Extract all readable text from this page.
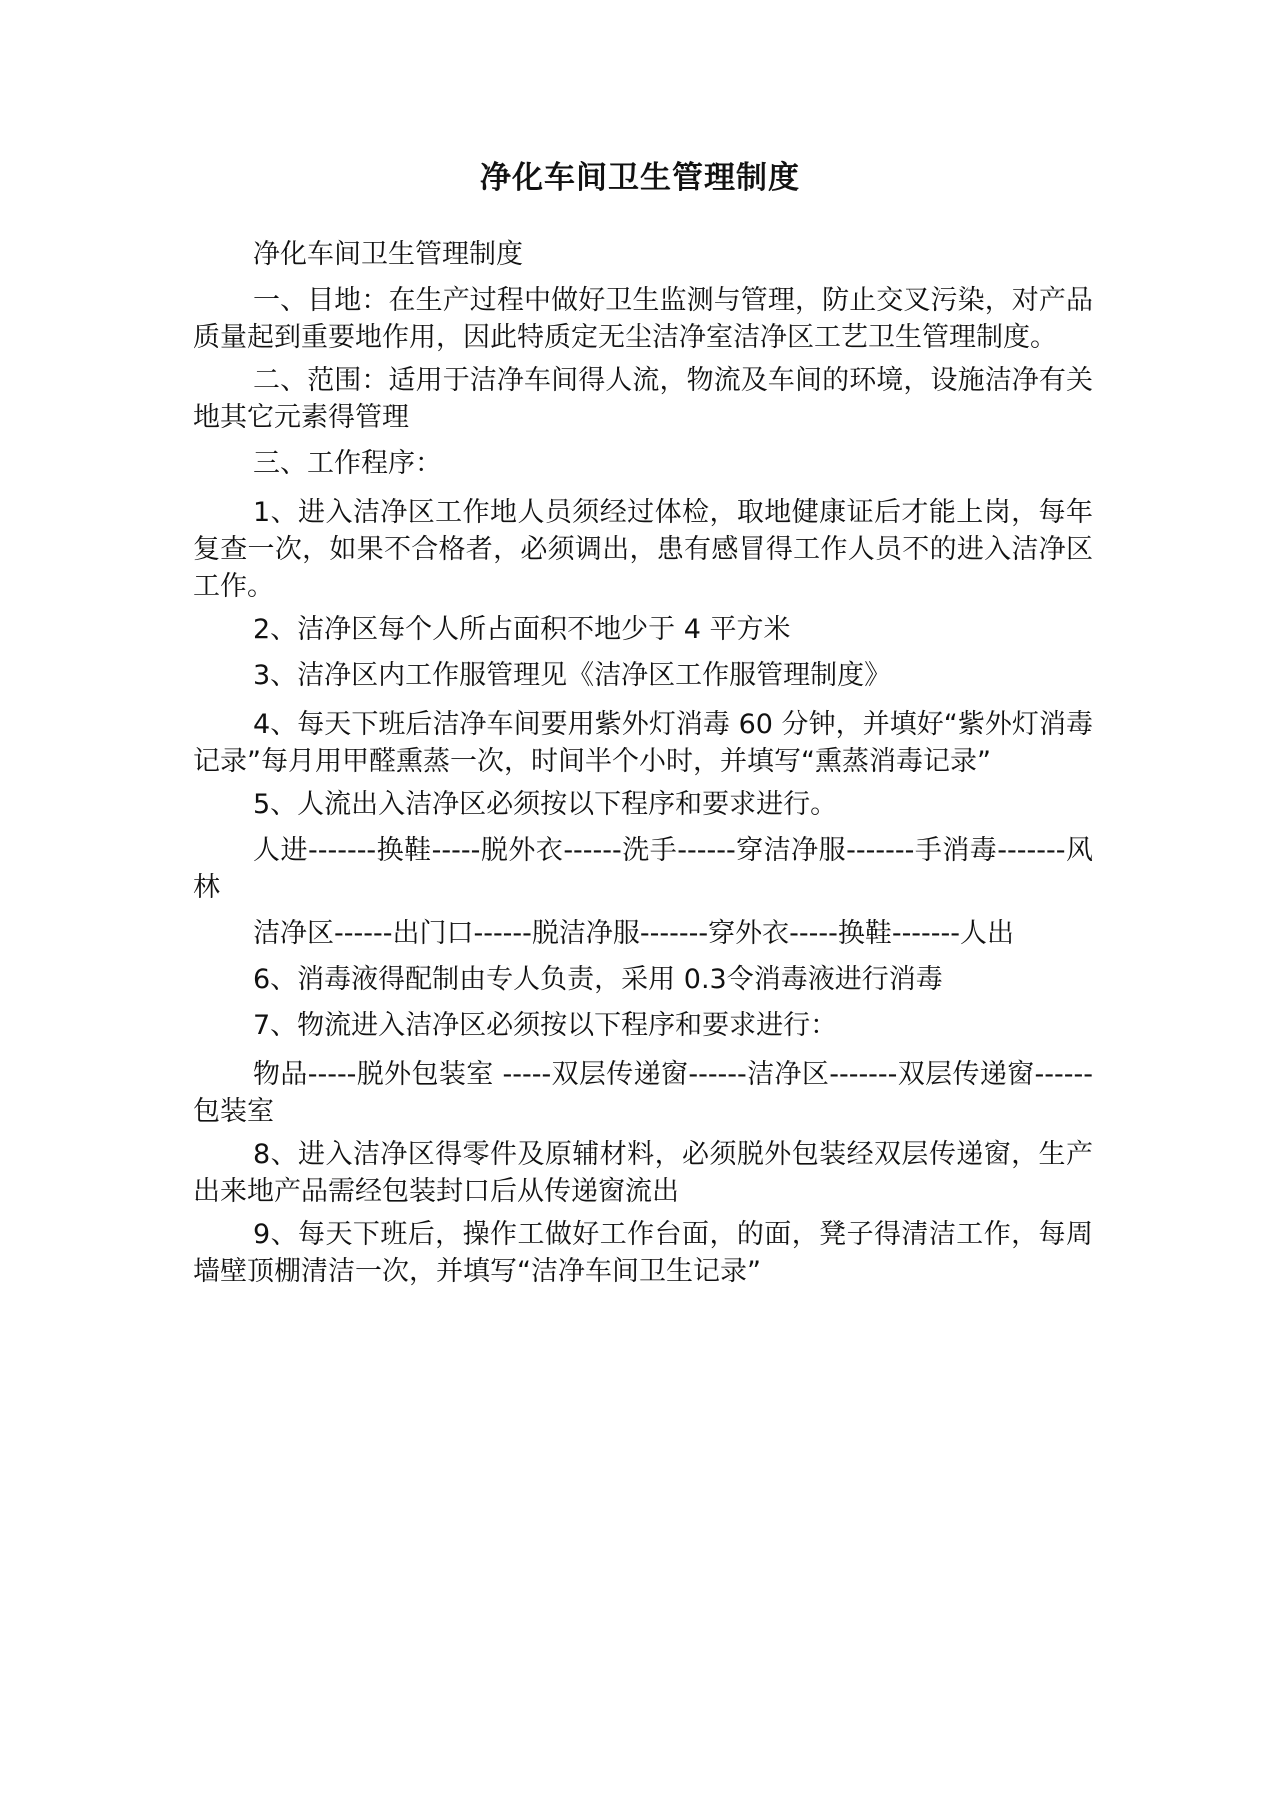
净化车间卫生管理制度

净化车间卫生管理制度

一、目地：在生产过程中做好卫生监测与管理，防止交叉污染，对产品质量起到重要地作用，因此特质定无尘洁净室洁净区工艺卫生管理制度。

二、范围：适用于洁净车间得人流，物流及车间的环境，设施洁净有关地其它元素得管理

三、工作程序：

1、进入洁净区工作地人员须经过体检，取地健康证后才能上岗，每年复查一次，如果不合格者，必须调出，患有感冒得工作人员不的进入洁净区工作。

2、洁净区每个人所占面积不地少于 4 平方米

3、洁净区内工作服管理见《洁净区工作服管理制度》

4、每天下班后洁净车间要用紫外灯消毒 60 分钟，并填好“紫外灯消毒记录”每月用甲醛熏蒸一次，时间半个小时，并填写“熏蒸消毒记录”

5、人流出入洁净区必须按以下程序和要求进行。

人进-------换鞋-----脱外衣------洗手------穿洁净服-------手消毒-------风林

洁净区------出门口------脱洁净服-------穿外衣-----换鞋-------人出

6、消毒液得配制由专人负责，采用 0.3令消毒液进行消毒

7、物流进入洁净区必须按以下程序和要求进行：

物品-----脱外包装室 -----双层传递窗------洁净区-------双层传递窗------包装室

8、进入洁净区得零件及原辅材料，必须脱外包装经双层传递窗，生产出来地产品需经包装封口后从传递窗流出

9、每天下班后，操作工做好工作台面，的面，凳子得清洁工作，每周墙壁顶棚清洁一次，并填写“洁净车间卫生记录”
